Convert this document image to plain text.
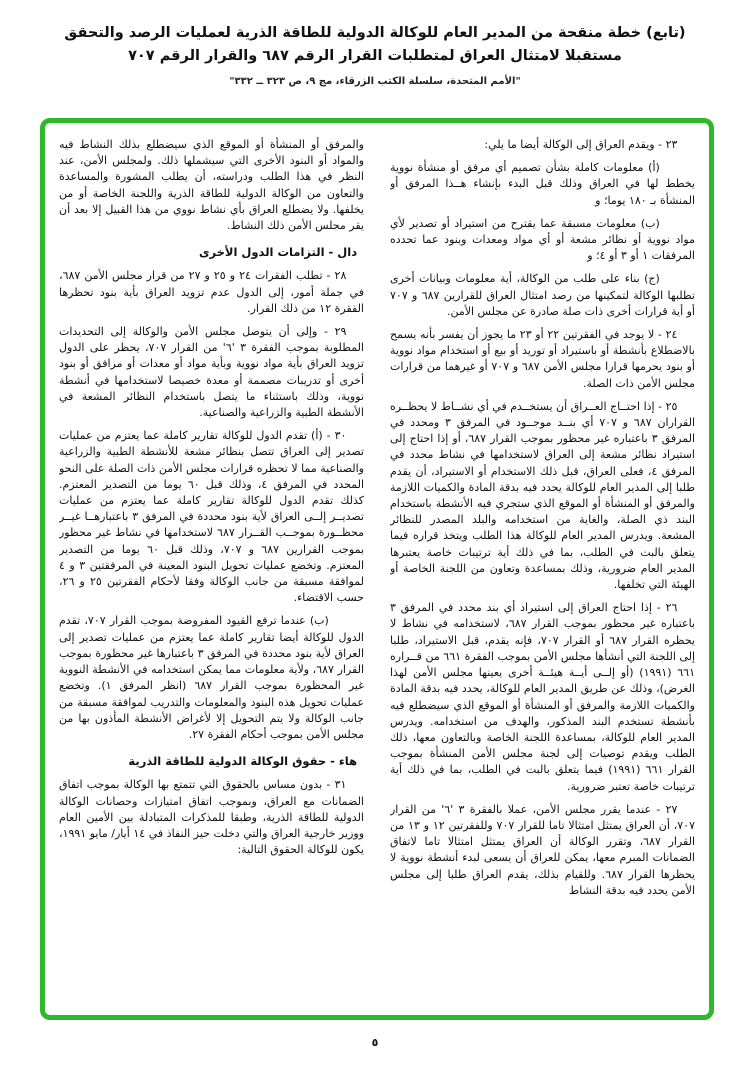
(تابع) خطة منقحة من المدير العام للوكالة الدولية للطاقة الذرية لعمليات الرصد والتحقق
مستقبلا لامتثال العراق لمتطلبات القرار الرقم ٦٨٧ والقرار الرقم ٧٠٧
"الأمم المتحدة، سلسلة الكتب الزرقاء، مج ٩، ص ٣٢٣ ــ ٣٣٢"

٢٣ - ويقدم العراق إلى الوكالة أيضا ما يلي:

(أ) معلومات كاملة بشأن تصميم أي مرفق أو منشأة نووية يخطط لها في العراق وذلك قبل البدء بإنشاء هــذا المرفق أو المنشأة بـ ١٨٠ يوما؛ و

(ب) معلومات مسبقة عما يقترح من استيراد أو تصدير لأي مواد نووية أو نظائر مشعة أو أي مواد ومعدات وبنود عما تحدده المرفقات ١ أو ٣ أو ٤؛ و

(ج) بناء على طلب من الوكالة، أية معلومات وبيانات أخرى تطلبها الوكالة لتمكينها من رصد امتثال العراق للقرارين ٦٨٧ و ٧٠٧ أو أية قرارات أخرى ذات صلة صادرة عن مجلس الأمن.

٢٤ - لا يوجد في الفقرتين ٢٢ أو ٢٣ ما يجوز أن يفسر بأنه يسمح بالاضطلاع بأنشطة أو باستيراد أو توريد أو بيع أو استخدام مواد نووية أو بنود يحرمها قرارا مجلس الأمن ٦٨٧ و ٧٠٧ أو غيرهما من قرارات مجلس الأمن ذات الصلة.

٢٥ - إذا احتــاج العــراق أن يستخــدم في أي نشــاط لا يحظــره القراران ٦٨٧ و ٧٠٧ أي بنــد موجــود في المرفق ٣ ومحدد في المرفق ٣ باعتباره غير محظور بموجب القرار ٦٨٧، أو إذا احتاج إلى استيراد نظائر مشعة إلى العراق لاستخدامها في نشاط محدد في المرفق ٤، فعلى العراق، قبل ذلك الاستخدام أو الاستيراد، أن يقدم طلبا إلى المدير العام للوكالة يحدد فيه بدقة المادة والكميات اللازمة والمرفق أو المنشأة أو الموقع الذي ستجري فيه الأنشطة باستخدام البند ذي الصلة، والغاية من استخدامه والبلد المصدر للنظائر المشعة. ويدرس المدير العام للوكالة هذا الطلب ويتخذ قراره فيما يتعلق بالبت في الطلب، بما في ذلك أية ترتيبات خاصة يعتبرها المدير العام ضرورية، وذلك بمساعدة وتعاون من اللجنة الخاصة أو الهيئة التي تخلفها.

٢٦ - إذا احتاج العراق إلى استيراد أي بند محدد في المرفق ٣ باعتباره غير محظور بموجب القرار ٦٨٧، لاستخدامه في نشاط لا يحظره القرار ٦٨٧ أو القرار ٧٠٧، فإنه يقدم، قبل الاستيراد، طلبا إلى اللجنة التي أنشأها مجلس الأمن بموجب الفقرة ٦٦١ من قــراره ٦٦١ (١٩٩١) (أو إلــى أيــة هيئــة أخرى يعينها مجلس الأمن لهذا الغرض)، وذلك عن طريق المدير العام للوكالة، يحدد فيه بدقة المادة والكميات اللازمة والمرفق أو المنشأة أو الموقع الذي سيضطلع فيه بأنشطة تستخدم البند المذكور، والهدف من استخدامه. ويدرس المدير العام للوكالة، بمساعدة اللجنة الخاصة وبالتعاون معها، ذلك الطلب ويقدم توصيات إلى لجنة مجلس الأمن المنشأة بموجب القرار ٦٦١ (١٩٩١) فيما يتعلق بالبت في الطلب، بما في ذلك أية ترتيبات خاصة تعتبر ضرورية.

٢٧ - عندما يقرر مجلس الأمن، عملا بالفقرة ٣ '٦' من القرار ٧٠٧، أن العراق يمتثل امتثالا تاما للقرار ٧٠٧ وللفقرتين ١٢ و ١٣ من القرار ٦٨٧، وتقرر الوكالة أن العراق يمتثل امتثالا تاما لاتفاق الضمانات المبرم معها، يمكن للعراق أن يسعى لبدء أنشطة نووية لا يحظرها القرار ٦٨٧. وللقيام بذلك، يقدم العراق طلبا إلى مجلس الأمن يحدد فيه بدقة النشاط

والمرفق أو المنشأة أو الموقع الذي سيضطلع بذلك النشاط فيه والمواد أو البنود الأخرى التي سيشملها ذلك. ولمجلس الأمن، عند النظر في هذا الطلب ودراسته، أن يطلب المشورة والمساعدة والتعاون من الوكالة الدولية للطاقة الذرية واللجنة الخاصة أو من يخلفها. ولا يضطلع العراق بأي نشاط نووي من هذا القبيل إلا بعد أن يقر مجلس الأمن ذلك النشاط.

دال - التزامات الدول الأخرى

٢٨ - تطلب الفقرات ٢٤ و ٢٥ و ٢٧ من قرار مجلس الأمن ٦٨٧، في جملة أمور، إلى الدول عدم تزويد العراق بأية بنود تحظرها الفقرة ١٢ من ذلك القرار.

٢٩ - وإلى أن يتوصل مجلس الأمن والوكالة إلى التحديدات المطلوبة بموجب الفقرة ٣ '٦' من القرار ٧٠٧، يحظر على الدول تزويد العراق بأية مواد نووية وبأية مواد أو معدات أو مرافق أو بنود أخرى أو تدريبات مصممة أو معدة خصيصا لاستخدامها في أنشطة نووية، وذلك باستثناء ما يتصل باستخدام النظائر المشعة في الأنشطة الطبية والزراعية والصناعية.

٣٠ - (أ) تقدم الدول للوكالة تقارير كاملة عما يعتزم من عمليات تصدير إلى العراق تتصل بنظائر مشعة للأنشطة الطبية والزراعية والصناعية مما لا تحظره قرارات مجلس الأمن ذات الصلة على النحو المحدد في المرفق ٤، وذلك قبل ٦٠ يوما من التصدير المعتزم. كذلك تقدم الدول للوكالة تقارير كاملة عما يعتزم من عمليات تصديــر إلــى العراق لأية بنود محددة في المرفق ٣ باعتبارهــا غيــر محظــورة بموجــب القــرار ٦٨٧ لاستخدامها في نشاط غير محظور بموجب القرارين ٦٨٧ و ٧٠٧، وذلك قبل ٦٠ يوما من التصدير المعتزم. وتخضع عمليات تحويل البنود المعينة في المرفقتين ٣ و ٤ لموافقة مسبقة من جانب الوكالة وفقا لأحكام الفقرتين ٢٥ و ٢٦، حسب الاقتضاء.

(ب) عندما ترفع القيود المفروضة بموجب القرار ٧٠٧، تقدم الدول للوكالة أيضا تقارير كاملة عما يعتزم من عمليات تصدير إلى العراق لأية بنود محددة في المرفق ٣ باعتبارها غير محظورة بموجب القرار ٦٨٧، ولأية معلومات مما يمكن استخدامه في الأنشطة النووية غير المحظورة بموجب القرار ٦٨٧ (انظر المرفق ١). وتخضع عمليات تحويل هذه البنود والمعلومات والتدريب لموافقة مسبقة من جانب الوكالة ولا يتم التحويل إلا لأغراض الأنشطة المأذون بها من مجلس الأمن بموجب أحكام الفقرة ٢٧.

هاء - حقوق الوكالة الدولية للطاقة الذرية

٣١ - بدون مساس بالحقوق التي تتمتع بها الوكالة بموجب اتفاق الضمانات مع العراق، وبموجب اتفاق امتيازات وحصانات الوكالة الدولية للطاقة الذرية، وطبقا للمذكرات المتبادلة بين الأمين العام ووزير خارجية العراق والتي دخلت حيز النفاذ في ١٤ أيار/ مايو ١٩٩١، يكون للوكالة الحقوق التالية:

٥
